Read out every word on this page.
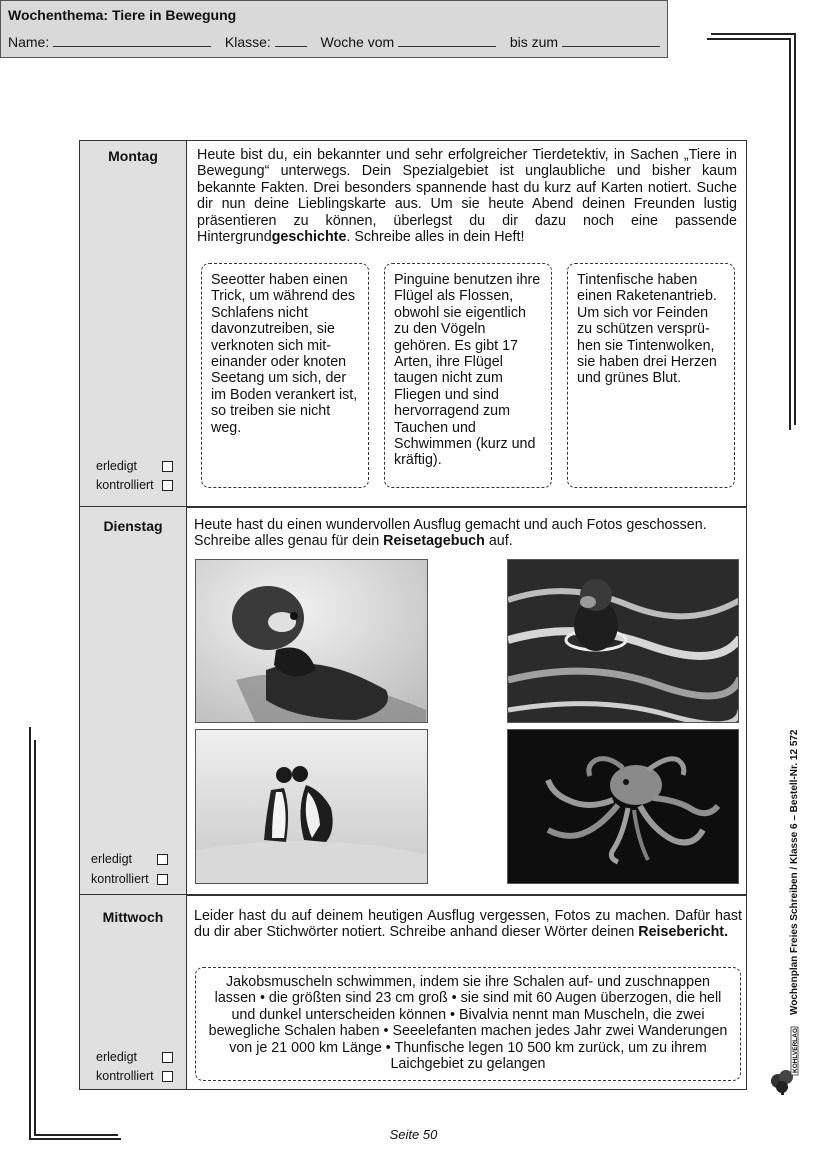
Wochenthema: Tiere in Bewegung
Name:	Klasse:	Woche vom	bis zum
Montag
erledigt
kontrolliert
Heute bist du, ein bekannter und sehr erfolgreicher Tierdetektiv, in Sachen „Tiere in Bewegung“ unterwegs. Dein Spezialgebiet ist unglaubliche und bisher kaum bekannte Fakten. Drei besonders spannende hast du kurz auf Karten notiert. Suche dir nun deine Lieblingskarte aus. Um sie heute Abend deinen Freunden lustig präsentieren zu können, überlegst du dir dazu noch eine passende Hintergrundgeschichte. Schreibe alles in dein Heft!
Seeotter haben einen Trick, um während des Schlafens nicht davonzutreiben, sie verknoten sich mit-einander oder knoten Seetang um sich, der im Boden verankert ist, so treiben sie nicht weg.
Pinguine benutzen ihre Flügel als Flossen, obwohl sie eigentlich zu den Vögeln gehören. Es gibt 17 Arten, ihre Flügel taugen nicht zum Fliegen und sind hervorragend zum Tauchen und Schwimmen (kurz und kräftig).
Tintenfische haben einen Raketenantrieb. Um sich vor Feinden zu schützen versprü-hen sie Tintenwolken, sie haben drei Herzen und grünes Blut.
Dienstag
erledigt
kontrolliert
Heute hast du einen wundervollen Ausflug gemacht und auch Fotos geschossen. Schreibe alles genau für dein Reisetagebuch auf.
Mittwoch
erledigt
kontrolliert
Leider hast du auf deinem heutigen Ausflug vergessen, Fotos zu machen. Dafür hast du dir aber Stichwörter notiert. Schreibe anhand dieser Wörter deinen Reisebericht.
Jakobsmuscheln schwimmen, indem sie ihre Schalen auf- und zuschnappen lassen • die größten sind 23 cm groß • sie sind mit 60 Augen überzogen, die hell und dunkel unterscheiden können • Bivalvia nennt man Muscheln, die zwei bewegliche Schalen haben • Seeelefanten machen jedes Jahr zwei Wanderungen von je 21 000 km Länge • Thunfische legen 10 500 km zurück, um zu ihrem Laichgebiet zu gelangen
Seite 50
Wochenplan Freies Schreiben / Klasse 6 – Bestell-Nr. 12 572
KOHLVERLAG
